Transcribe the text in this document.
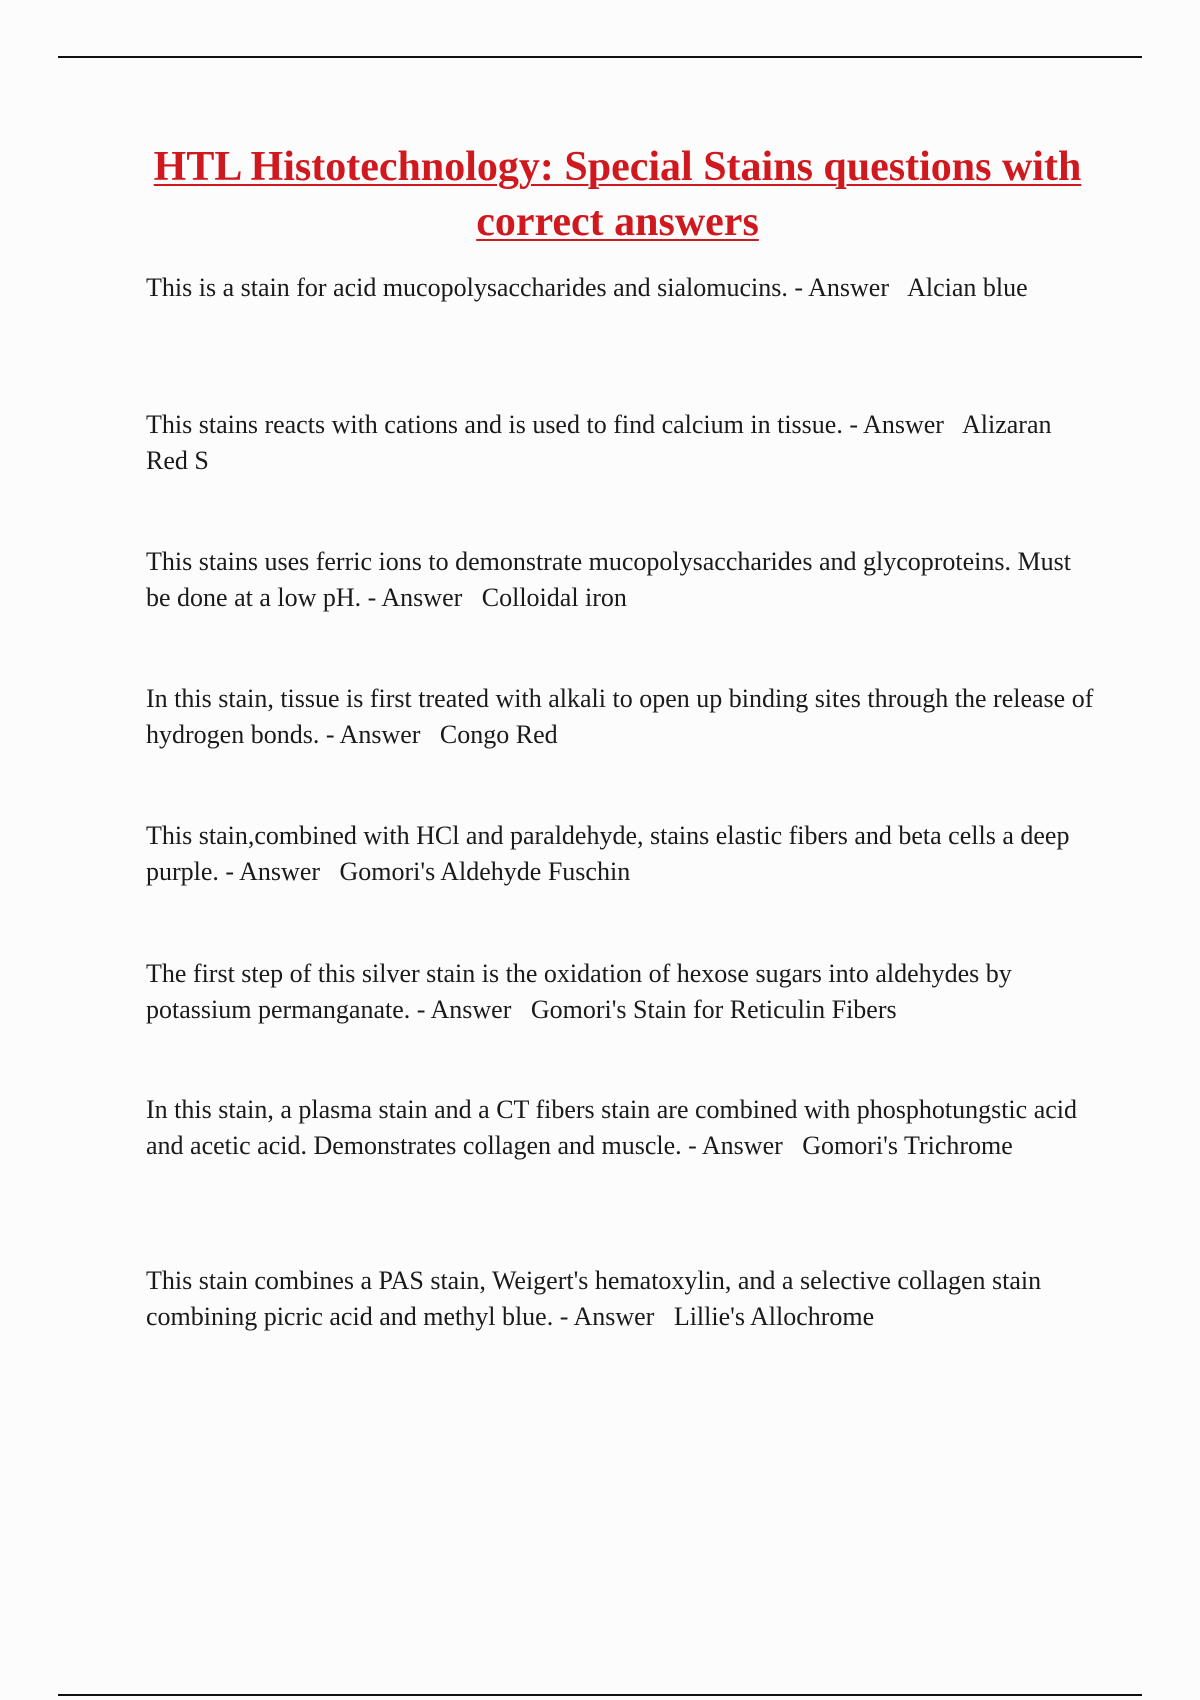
HTL Histotechnology: Special Stains questions with correct answers
This is a stain for acid mucopolysaccharides and sialomucins. - Answer   Alcian blue
This stains reacts with cations and is used to find calcium in tissue. - Answer   Alizaran Red S
This stains uses ferric ions to demonstrate mucopolysaccharides and glycoproteins. Must be done at a low pH. - Answer   Colloidal iron
In this stain, tissue is first treated with alkali to open up binding sites through the release of hydrogen bonds. - Answer   Congo Red
This stain,combined with HCl and paraldehyde, stains elastic fibers and beta cells a deep purple. - Answer   Gomori's Aldehyde Fuschin
The first step of this silver stain is the oxidation of hexose sugars into aldehydes by potassium permanganate. - Answer   Gomori's Stain for Reticulin Fibers
In this stain, a plasma stain and a CT fibers stain are combined with phosphotungstic acid and acetic acid. Demonstrates collagen and muscle. - Answer   Gomori's Trichrome
This stain combines a PAS stain, Weigert's hematoxylin, and a selective collagen stain combining picric acid and methyl blue. - Answer   Lillie's Allochrome
